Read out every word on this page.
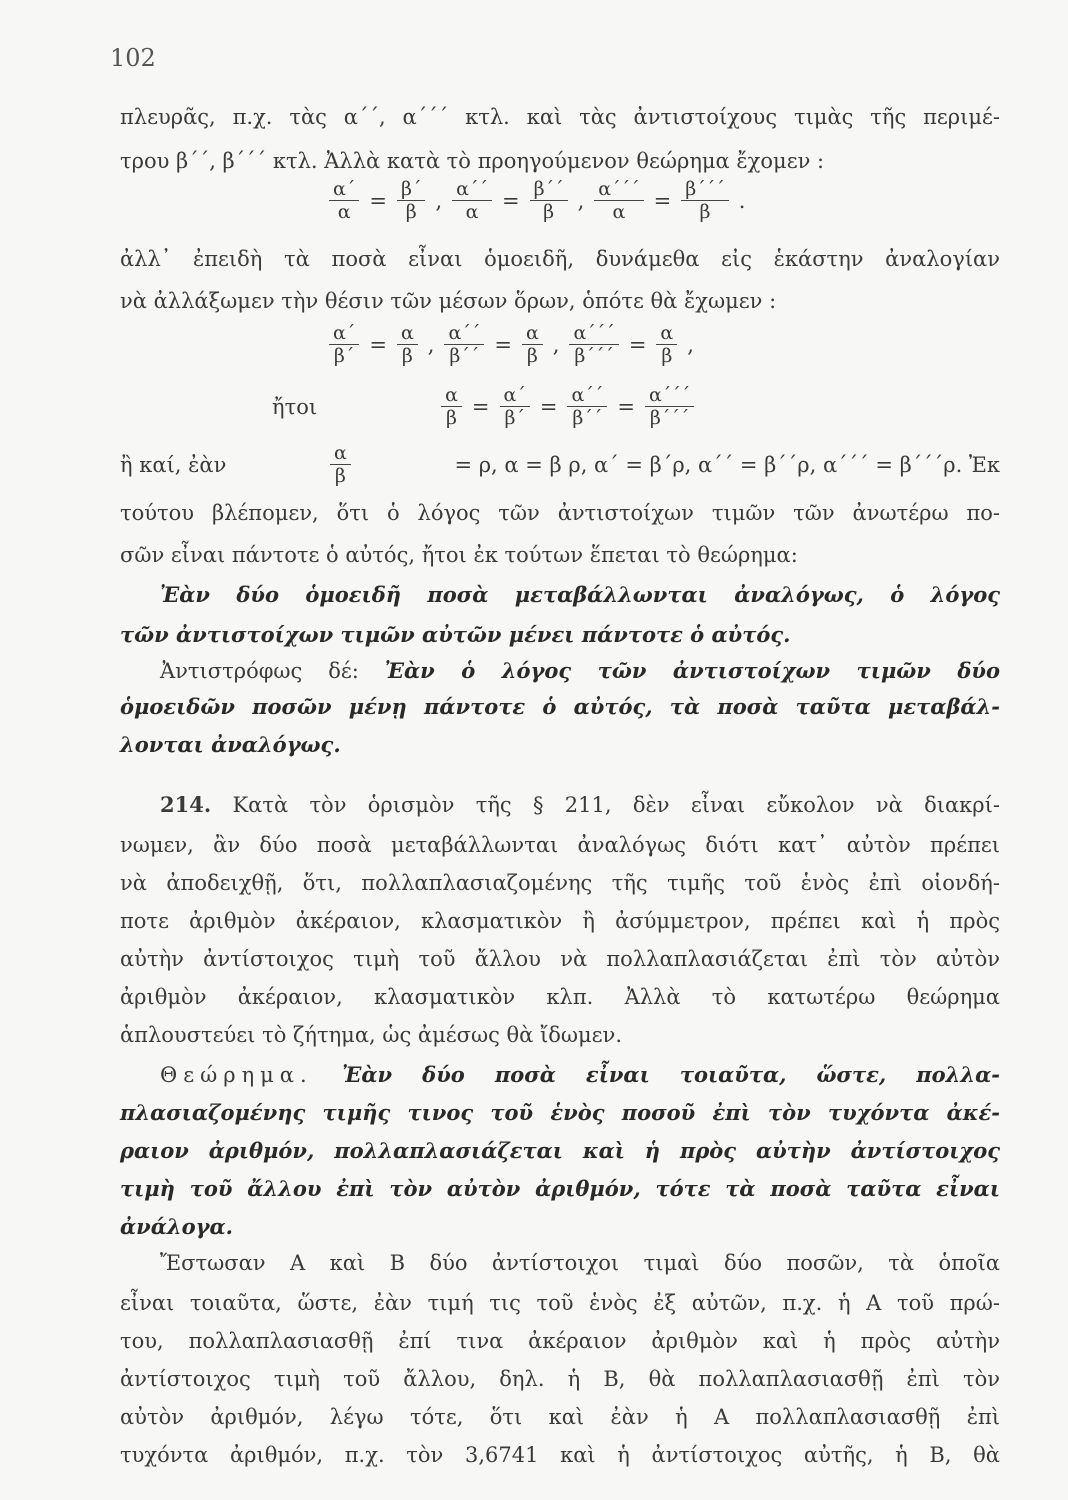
102
πλευρᾶς, π.χ. τὰς α΄΄, α΄΄΄ κτλ. καὶ τὰς ἀντιστοίχους τιμὰς τῆς περιμέ-
τρου β΄΄, β΄΄΄ κτλ. Ἀλλὰ κατὰ τὸ προηγούμενον θεώρημα ἔχομεν :
$\frac{\alpha΄}{\alpha} = \frac{\beta΄}{\beta}$ , $\frac{\alpha΄΄}{\alpha} = \frac{\beta΄΄}{\beta}$ , $\frac{\alpha΄΄΄}{\alpha} = \frac{\beta΄΄΄}{\beta}$ .
ἀλλ᾽ ἐπειδὴ τὰ ποσὰ εἶναι ὁμοειδῆ, δυνάμεθα εἰς ἑκάστην ἀναλογίαν
νὰ ἀλλάξωμεν τὴν θέσιν τῶν μέσων ὅρων, ὁπότε θὰ ἔχωμεν :
$\frac{\alpha΄}{\beta΄} = \frac{\alpha}{\beta}$ , $\frac{\alpha΄΄}{\beta΄΄} = \frac{\alpha}{\beta}$ , $\frac{\alpha΄΄΄}{\beta΄΄΄} = \frac{\alpha}{\beta}$ ,
ἤτοι	$\frac{\alpha}{\beta} = \frac{\alpha΄}{\beta΄} = \frac{\alpha΄΄}{\beta΄΄} = \frac{\alpha΄΄΄}{\beta΄΄΄}$
ἢ καί, ἐὰν	$\frac{\alpha}{\beta}$	= ρ, α = β ρ, α΄ = β΄ρ, α΄΄ = β΄΄ρ, α΄΄΄ = β΄΄΄ρ. Ἐκ
τούτου βλέπομεν, ὅτι ὁ λόγος τῶν ἀντιστοίχων τιμῶν τῶν ἀνωτέρω πο-
σῶν εἶναι πάντοτε ὁ αὐτός, ἤτοι ἐκ τούτων ἕπεται τὸ θεώρημα:
Ἐὰν δύο ὁμοειδῆ ποσὰ μεταβάλλωνται ἀναλόγως, ὁ λόγος
τῶν ἀντιστοίχων τιμῶν αὐτῶν μένει πάντοτε ὁ αὐτός.
Ἀντιστρόφως δέ: Ἐὰν ὁ λόγος τῶν ἀντιστοίχων τιμῶν δύο
ὁμοειδῶν ποσῶν μένῃ πάντοτε ὁ αὐτός, τὰ ποσὰ ταῦτα μεταβάλ-
λονται ἀναλόγως.
214. Κατὰ τὸν ὁρισμὸν τῆς § 211, δὲν εἶναι εὔκολον νὰ διακρί-
νωμεν, ἂν δύο ποσὰ μεταβάλλωνται ἀναλόγως διότι κατ᾽ αὐτὸν πρέπει
νὰ ἀποδειχθῇ, ὅτι, πολλαπλασιαζομένης τῆς τιμῆς τοῦ ἑνὸς ἐπὶ οἱονδή-
ποτε ἀριθμὸν ἀκέραιον, κλασματικὸν ἢ ἀσύμμετρον, πρέπει καὶ ἡ πρὸς
αὐτὴν ἀντίστοιχος τιμὴ τοῦ ἄλλου νὰ πολλαπλασιάζεται ἐπὶ τὸν αὐτὸν
ἀριθμὸν ἀκέραιον, κλασματικὸν κλπ. Ἀλλὰ τὸ κατωτέρω θεώρημα
ἁπλουστεύει τὸ ζήτημα, ὡς ἀμέσως θὰ ἴδωμεν.
Θεώρημα. Ἐὰν δύο ποσὰ εἶναι τοιαῦτα, ὥστε, πολλα-
πλασιαζομένης τιμῆς τινος τοῦ ἑνὸς ποσοῦ ἐπὶ τὸν τυχόντα ἀκέ-
ραιον ἀριθμόν, πολλαπλασιάζεται καὶ ἡ πρὸς αὐτὴν ἀντίστοιχος
τιμὴ τοῦ ἄλλου ἐπὶ τὸν αὐτὸν ἀριθμόν, τότε τὰ ποσὰ ταῦτα εἶναι
ἀνάλογα.
Ἔστωσαν Α καὶ Β δύο ἀντίστοιχοι τιμαὶ δύο ποσῶν, τὰ ὁποῖα
εἶναι τοιαῦτα, ὥστε, ἐὰν τιμή τις τοῦ ἑνὸς ἐξ αὐτῶν, π.χ. ἡ Α τοῦ πρώ-
του, πολλαπλασιασθῇ ἐπί τινα ἀκέραιον ἀριθμὸν καὶ ἡ πρὸς αὐτὴν
ἀντίστοιχος τιμὴ τοῦ ἄλλου, δηλ. ἡ Β, θὰ πολλαπλασιασθῇ ἐπὶ τὸν
αὐτὸν ἀριθμόν, λέγω τότε, ὅτι καὶ ἐὰν ἡ Α πολλαπλασιασθῇ ἐπὶ
τυχόντα ἀριθμόν, π.χ. τὸν 3,6741 καὶ ἡ ἀντίστοιχος αὐτῆς, ἡ Β, θὰ
